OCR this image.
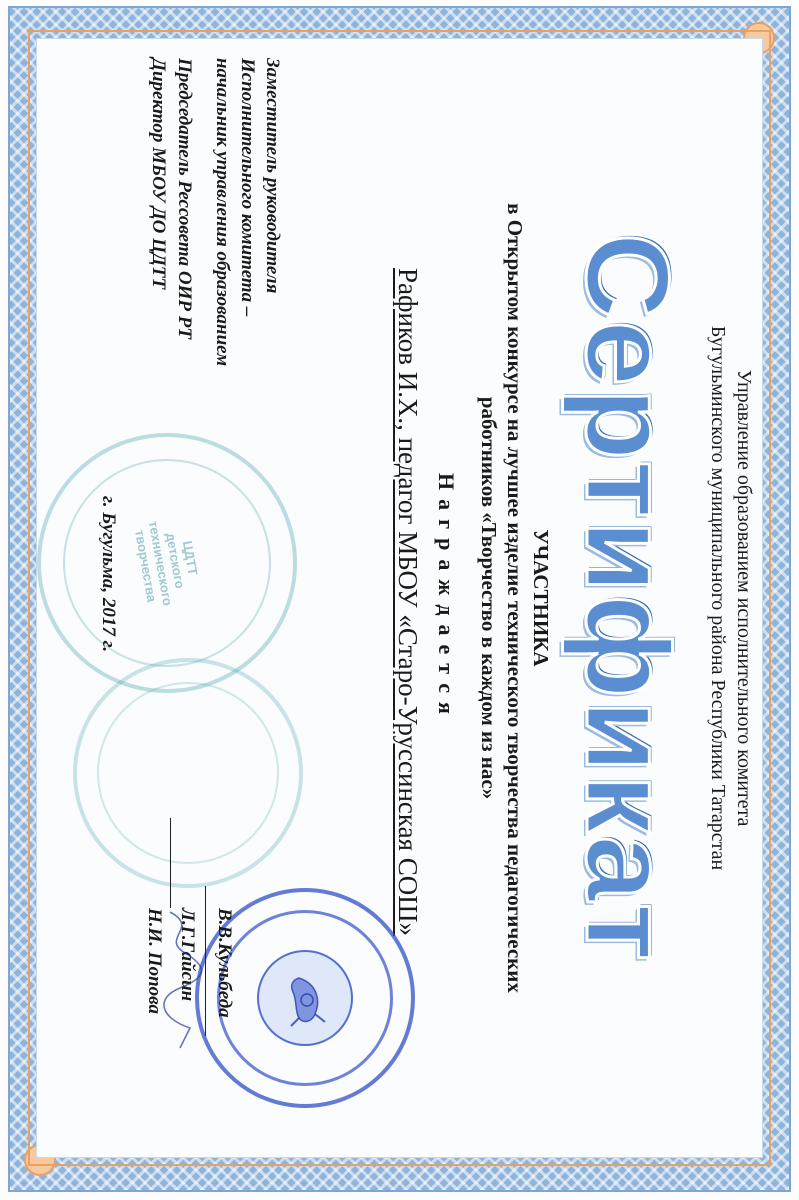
Управление образованием исполнительного комитета
Бугульминского муниципального района Республики Татарстан
Сертификат
УЧАСТНИКА
в Открытом конкурсе на лучшее изделие технического творчества педагогических
работников «Творчество в каждом из нас»
Награждается
Рафиков И.Х., педагог МБОУ «Старо-Уруссинская СОШ»
ЦДТТ детского технического творчества
Заместитель руководителя
Исполнительного комитета –
начальник управления образованием
Председатель Рессовета ОИР РТ
Директор МБОУ ДО ЦДТТ
В.В.Кульбеда
Л.Г.Гайсин
Н.И. Попова
г. Бугульма, 2017 г.
